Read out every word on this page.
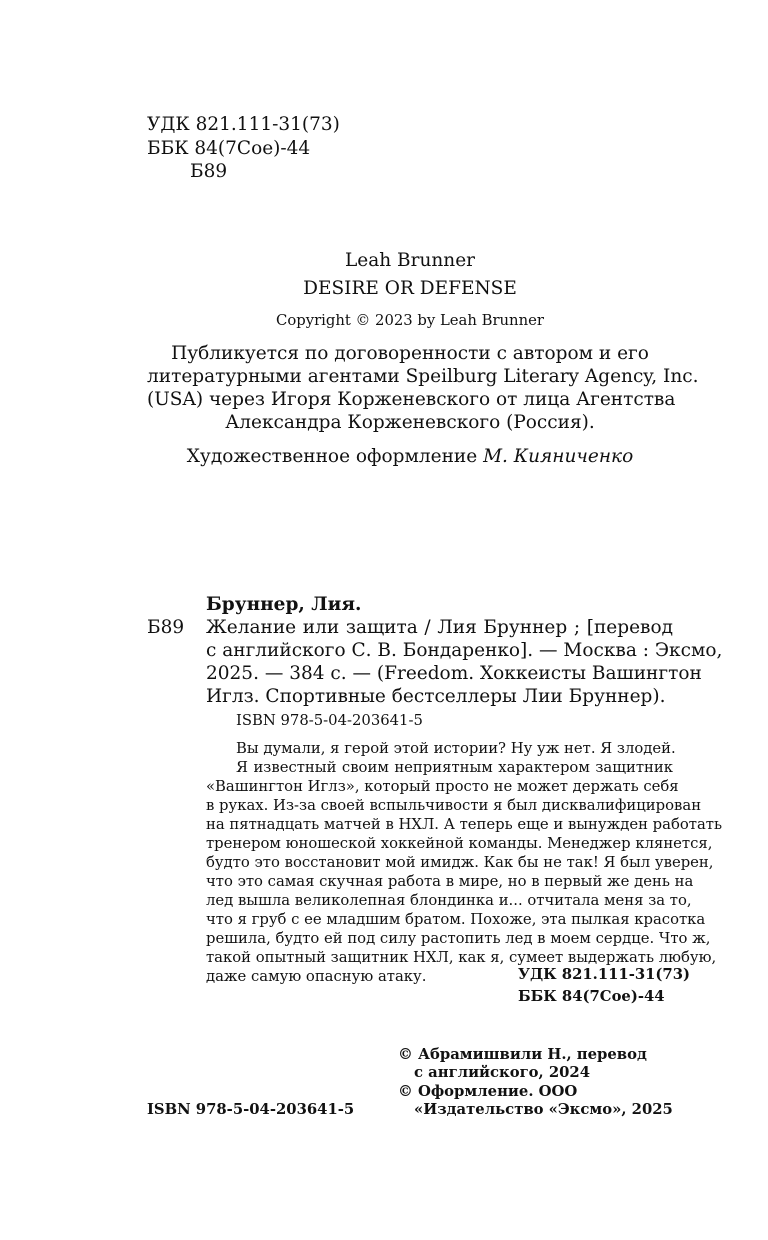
УДК 821.111-31(73)
ББК 84(7Сое)-44
Б89
Leah Brunner
DESIRE OR DEFENSE
Copyright © 2023 by Leah Brunner
Публикуется по договоренности с автором и его
литературными агентами Speilburg Literary Agency, Inc.
(USA) через Игоря Корженевского от лица Агентства
Александра Корженевского (Россия).
Художественное оформление М. Кияниченко
Бруннер, Лия.
Б89 Желание или защита / Лия Бруннер ; [перевод
с английского С. В. Бондаренко]. — Москва : Эксмо,
2025. — 384 с. — (Freedom. Хоккеисты Вашингтон
Иглз. Спортивные бестселлеры Лии Бруннер).
ISBN 978-5-04-203641-5
Вы думали, я герой этой истории? Ну уж нет. Я злодей.
Я известный своим неприятным характером защитник
«Вашингтон Иглз», который просто не может держать себя
в руках. Из-за своей вспыльчивости я был дисквалифицирован
на пятнадцать матчей в НХЛ. А теперь еще и вынужден работать
тренером юношеской хоккейной команды. Менеджер клянется,
будто это восстановит мой имидж. Как бы не так! Я был уверен,
что это самая скучная работа в мире, но в первый же день на
лед вышла великолепная блондинка и... отчитала меня за то,
что я груб с ее младшим братом. Похоже, эта пылкая красотка
решила, будто ей под силу растопить лед в моем сердце. Что ж,
такой опытный защитник НХЛ, как я, сумеет выдержать любую,
даже самую опасную атаку.	УДК 821.111-31(73)
ББК 84(7Сое)-44
© Абрамишвили Н., перевод
с английского, 2024
© Оформление. ООО
«Издательство «Эксмо», 2025
ISBN 978-5-04-203641-5
